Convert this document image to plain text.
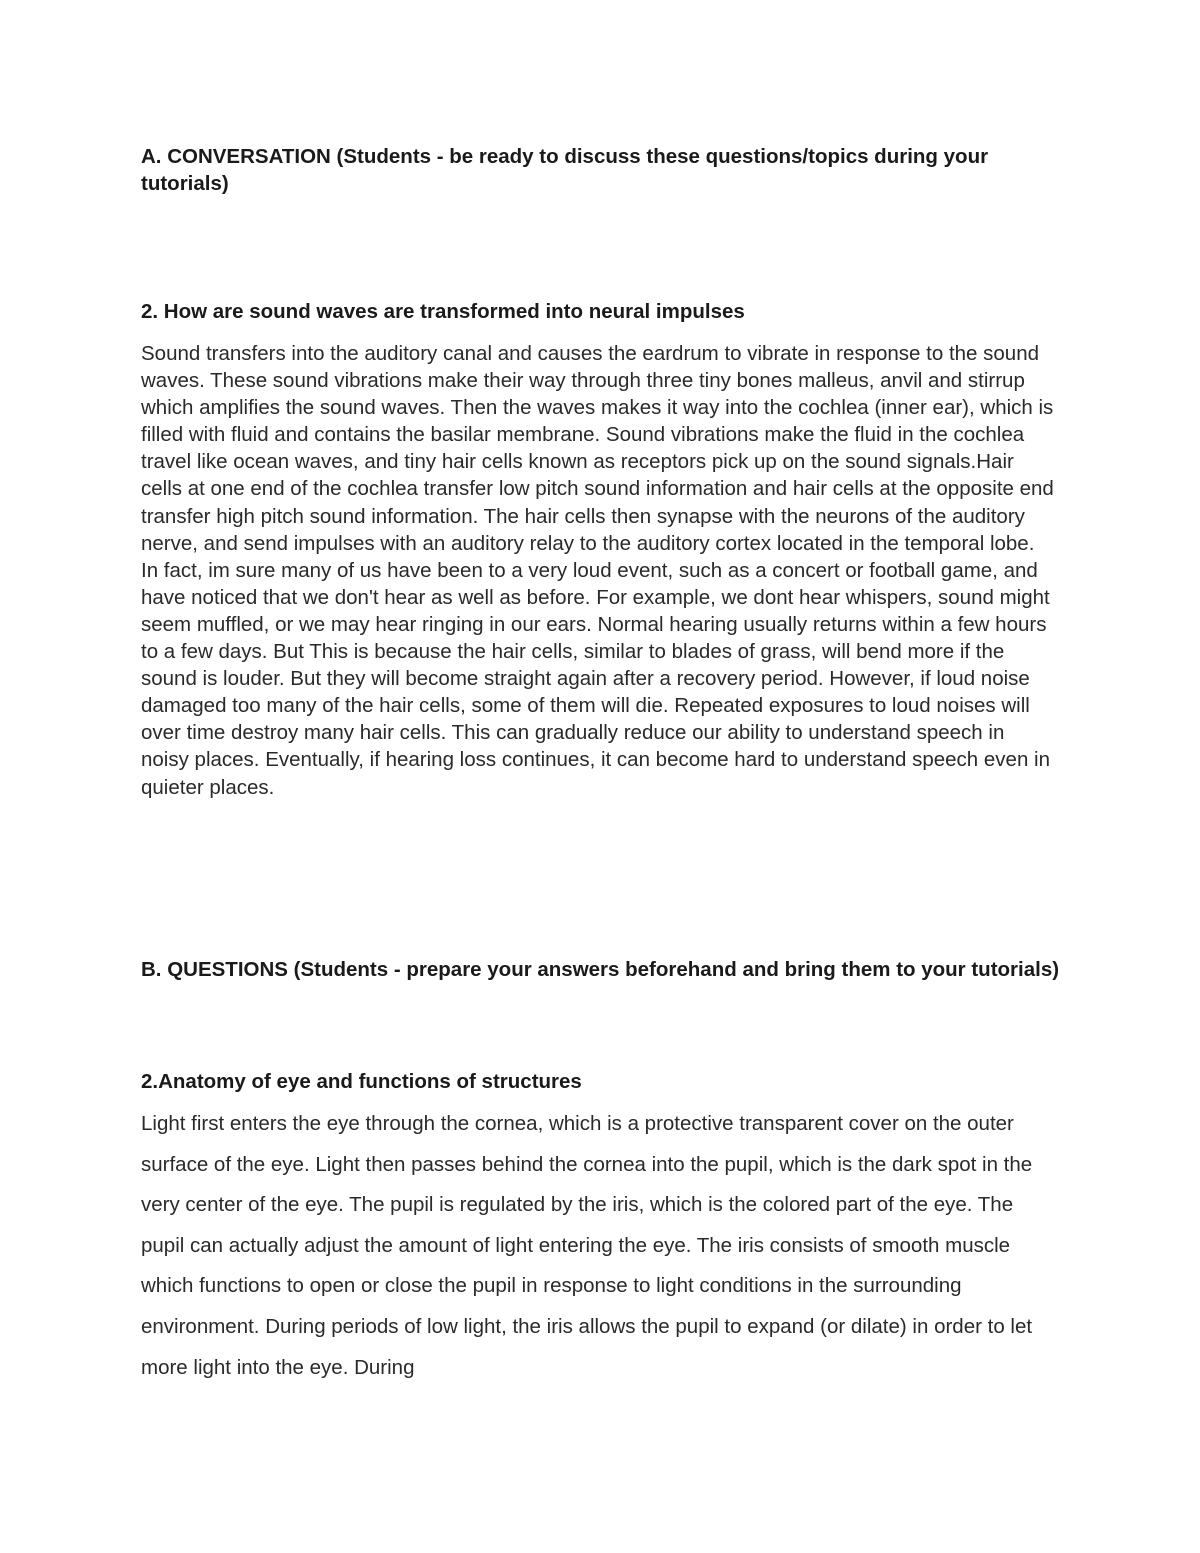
A. CONVERSATION (Students - be ready to discuss these questions/topics during your tutorials)
2. How are sound waves are transformed into neural impulses

Sound transfers into the auditory canal and causes the eardrum to vibrate in response to the sound waves. These sound vibrations make their way through three tiny bones malleus, anvil and stirrup which amplifies the sound waves. Then the waves makes it way into the cochlea (inner ear), which is filled with fluid and contains the basilar membrane. Sound vibrations make the fluid in the cochlea travel like ocean waves, and tiny hair cells known as receptors pick up on the sound signals.Hair cells at one end of the cochlea transfer low pitch sound information and hair cells at the opposite end transfer high pitch sound information. The hair cells then synapse with the neurons of the auditory nerve, and send impulses with an auditory relay to the auditory cortex located in the temporal lobe. In fact, im sure many of us have been to a very loud event, such as a concert or football game, and have noticed that we don't hear as well as before. For example, we dont hear whispers, sound might seem muffled, or we may hear ringing in our ears. Normal hearing usually returns within a few hours to a few days. But This is because the hair cells, similar to blades of grass, will bend more if the sound is louder. But they will become straight again after a recovery period. However, if loud noise damaged too many of the hair cells, some of them will die. Repeated exposures to loud noises will over time destroy many hair cells. This can gradually reduce our ability to understand speech in noisy places. Eventually, if hearing loss continues, it can become hard to understand speech even in quieter places.

B. QUESTIONS (Students - prepare your answers beforehand and bring them to your tutorials)
2.Anatomy of eye and functions of structures

Light first enters the eye through the cornea, which is a protective transparent cover on the outer surface of the eye. Light then passes behind the cornea into the pupil, which is the dark spot in the very center of the eye. The pupil is regulated by the iris, which is the colored part of the eye. The pupil can actually adjust the amount of light entering the eye. The iris consists of smooth muscle which functions to open or close the pupil in response to light conditions in the surrounding environment. During periods of low light, the iris allows the pupil to expand (or dilate) in order to let more light into the eye. During
